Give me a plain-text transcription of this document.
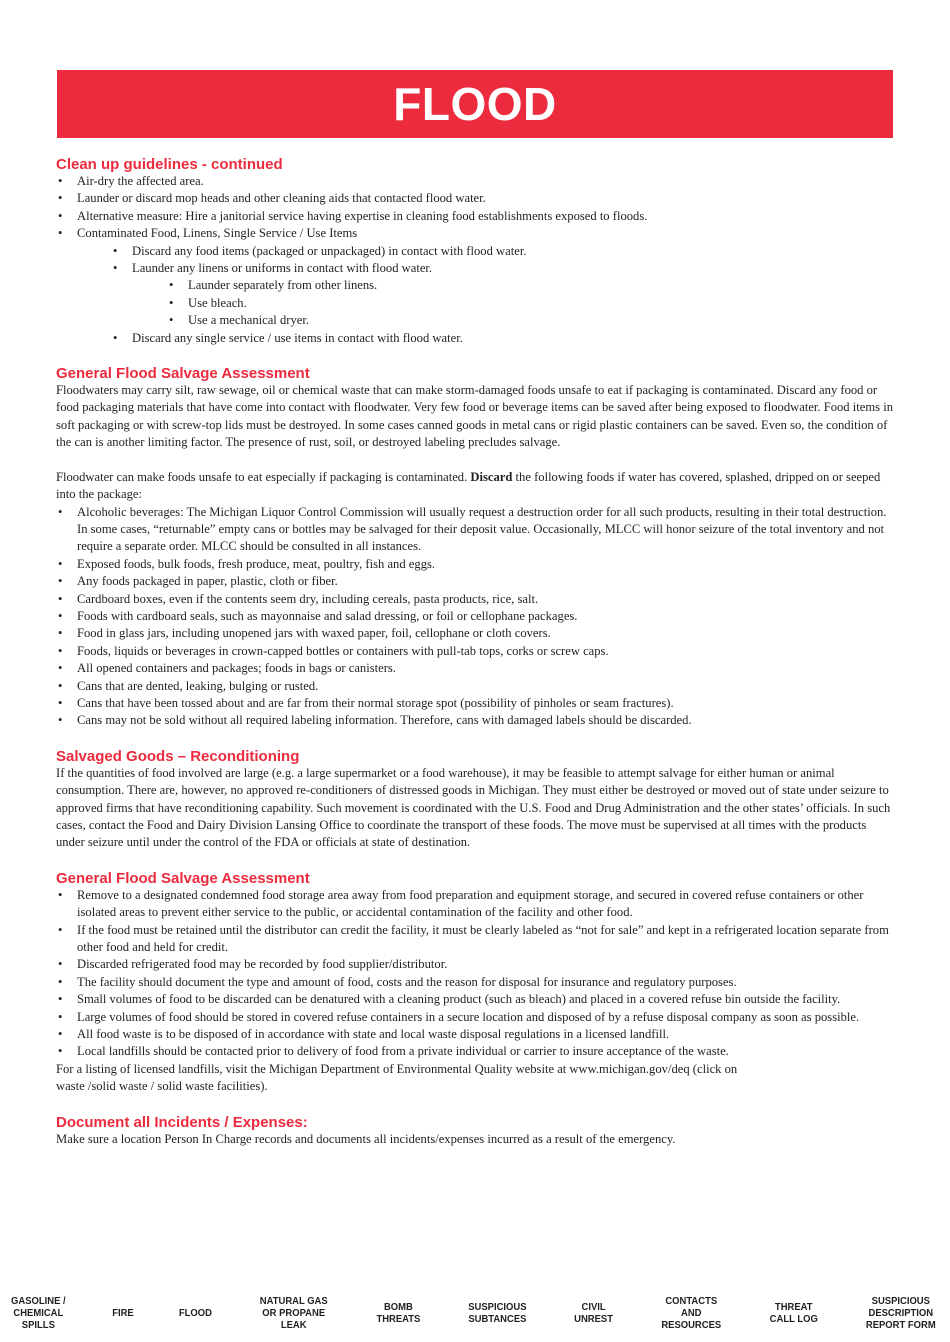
FLOOD
Clean up guidelines - continued
• Air-dry the affected area.
• Launder or discard mop heads and other cleaning aids that contacted flood water.
• Alternative measure: Hire a janitorial service having expertise in cleaning food establishments exposed to floods.
• Contaminated Food, Linens, Single Service / Use Items
• Discard any food items (packaged or unpackaged) in contact with flood water.
• Launder any linens or uniforms in contact with flood water.
• Launder separately from other linens.
• Use bleach.
• Use a mechanical dryer.
• Discard any single service / use items in contact with flood water.
General Flood Salvage Assessment

Floodwaters may carry silt, raw sewage, oil or chemical waste that can make storm-damaged foods unsafe to eat if packaging is contaminated. Discard any food or food packaging materials that have come into contact with floodwater. Very few food or beverage items can be saved after being exposed to floodwater. Food items in soft packaging or with screw-top lids must be destroyed. In some cases canned goods in metal cans or rigid plastic containers can be saved. Even so, the condition of the can is another limiting factor. The presence of rust, soil, or destroyed labeling precludes salvage.

Floodwater can make foods unsafe to eat especially if packaging is contaminated. Discard the following foods if water has covered, splashed, dripped on or seeped into the package:

• Alcoholic beverages: The Michigan Liquor Control Commission will usually request a destruction order for all such products, resulting in their total destruction. In some cases, “returnable” empty cans or bottles may be salvaged for their deposit value. Occasionally, MLCC will honor seizure of the total inventory and not require a separate order. MLCC should be consulted in all instances.
• Exposed foods, bulk foods, fresh produce, meat, poultry, fish and eggs.
• Any foods packaged in paper, plastic, cloth or fiber.
• Cardboard boxes, even if the contents seem dry, including cereals, pasta products, rice, salt.
• Foods with cardboard seals, such as mayonnaise and salad dressing, or foil or cellophane packages.
• Food in glass jars, including unopened jars with waxed paper, foil, cellophane or cloth covers.
• Foods, liquids or beverages in crown-capped bottles or containers with pull-tab tops, corks or screw caps.
• All opened containers and packages; foods in bags or canisters.
• Cans that are dented, leaking, bulging or rusted.
• Cans that have been tossed about and are far from their normal storage spot (possibility of pinholes or seam fractures).
• Cans may not be sold without all required labeling information. Therefore, cans with damaged labels should be discarded.
Salvaged Goods – Reconditioning

If the quantities of food involved are large (e.g. a large supermarket or a food warehouse), it may be feasible to attempt salvage for either human or animal consumption. There are, however, no approved re-conditioners of distressed goods in Michigan. They must either be destroyed or moved out of state under seizure to approved firms that have reconditioning capability. Such movement is coordinated with the U.S. Food and Drug Administration and the other states’ officials. In such cases, contact the Food and Dairy Division Lansing Office to coordinate the transport of these foods. The move must be supervised at all times with the products under seizure until under the control of the FDA or officials at state of destination.

General Flood Salvage Assessment
• Remove to a designated condemned food storage area away from food preparation and equipment storage, and secured in covered refuse containers or other isolated areas to prevent either service to the public, or accidental contamination of the facility and other food.
• If the food must be retained until the distributor can credit the facility, it must be clearly labeled as “not for sale” and kept in a refrigerated location separate from other food and held for credit.
• Discarded refrigerated food may be recorded by food supplier/distributor.
• The facility should document the type and amount of food, costs and the reason for disposal for insurance and regulatory purposes.
• Small volumes of food to be discarded can be denatured with a cleaning product (such as bleach) and placed in a covered refuse bin outside the facility.
• Large volumes of food should be stored in covered refuse containers in a secure location and disposed of by a refuse disposal company as soon as possible.
• All food waste is to be disposed of in accordance with state and local waste disposal regulations in a licensed landfill.
• Local landfills should be contacted prior to delivery of food from a private individual or carrier to insure acceptance of the waste.

For a listing of licensed landfills, visit the Michigan Department of Environmental Quality website at www.michigan.gov/deq (click on
waste /solid waste / solid waste facilities).

Document all Incidents / Expenses:

Make sure a location Person In Charge records and documents all incidents/expenses incurred as a result of the emergency.

GASOLINE /
CHEMICAL
SPILLS
FIRE	FLOOD
NATURAL GAS
OR PROPANE
LEAK
BOMB
THREATS
SUSPICIOUS
SUBTANCES
CIVIL
UNREST
CONTACTS
AND
RESOURCES
THREAT
CALL LOG
SUSPICIOUS
DESCRIPTION
REPORT FORM
